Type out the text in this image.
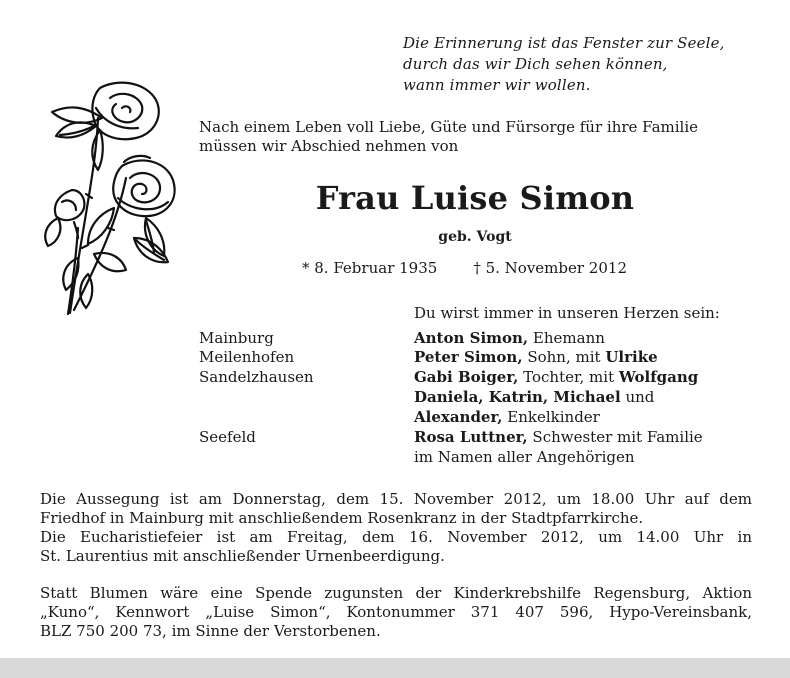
Die Erinnerung ist das Fenster zur Seele,
durch das wir Dich sehen können,
wann immer wir wollen.
Nach einem Leben voll Liebe, Güte und Fürsorge für ihre Familie
müssen wir Abschied nehmen von
Frau Luise Simon
geb. Vogt
* 8. Februar 1935 † 5. November 2012
Du wirst immer in unseren Herzen sein:
Mainburg
Meilenhofen
Sandelzhausen
Seefeld
Anton Simon, Ehemann
Peter Simon, Sohn, mit Ulrike
Gabi Boiger, Tochter, mit Wolfgang
Daniela, Katrin, Michael und
Alexander, Enkelkinder
Rosa Luttner, Schwester mit Familie
im Namen aller Angehörigen
Die Aussegung ist am Donnerstag, dem 15. November 2012, um 18.00 Uhr auf dem
Friedhof in Mainburg mit anschließendem Rosenkranz in der Stadtpfarrkirche.
Die Eucharistiefeier ist am Freitag, dem 16. November 2012, um 14.00 Uhr in
St. Laurentius mit anschließender Urnenbeerdigung.
Statt Blumen wäre eine Spende zugunsten der Kinderkrebshilfe Regensburg, Aktion
„Kuno“, Kennwort „Luise Simon“, Kontonummer 371 407 596, Hypo-Vereinsbank,
BLZ 750 200 73, im Sinne der Verstorbenen.
